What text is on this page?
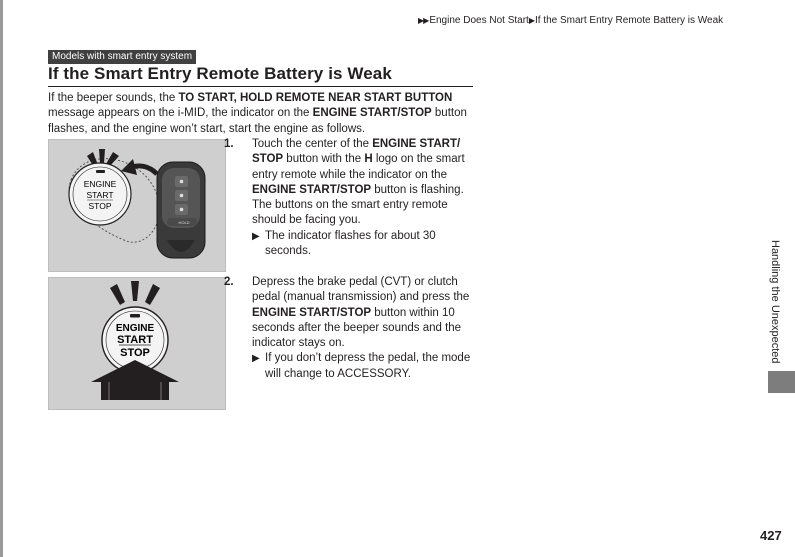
▶▶Engine Does Not Start▶If the Smart Entry Remote Battery is Weak
Models with smart entry system
If the Smart Entry Remote Battery is Weak
If the beeper sounds, the TO START, HOLD REMOTE NEAR START BUTTON message appears on the i-MID, the indicator on the ENGINE START/STOP button flashes, and the engine won’t start, start the engine as follows.
ENGINE
START
STOP
HOLD
ENGINE
START
STOP
1. Touch the center of the ENGINE START/ STOP button with the H logo on the smart entry remote while the indicator on the ENGINE START/STOP button is flashing. The buttons on the smart entry remote should be facing you.
▶ The indicator flashes for about 30 seconds.
2. Depress the brake pedal (CVT) or clutch pedal (manual transmission) and press the ENGINE START/STOP button within 10 seconds after the beeper sounds and the indicator stays on.
▶ If you don’t depress the pedal, the mode will change to ACCESSORY.
Handling the Unexpected
427
